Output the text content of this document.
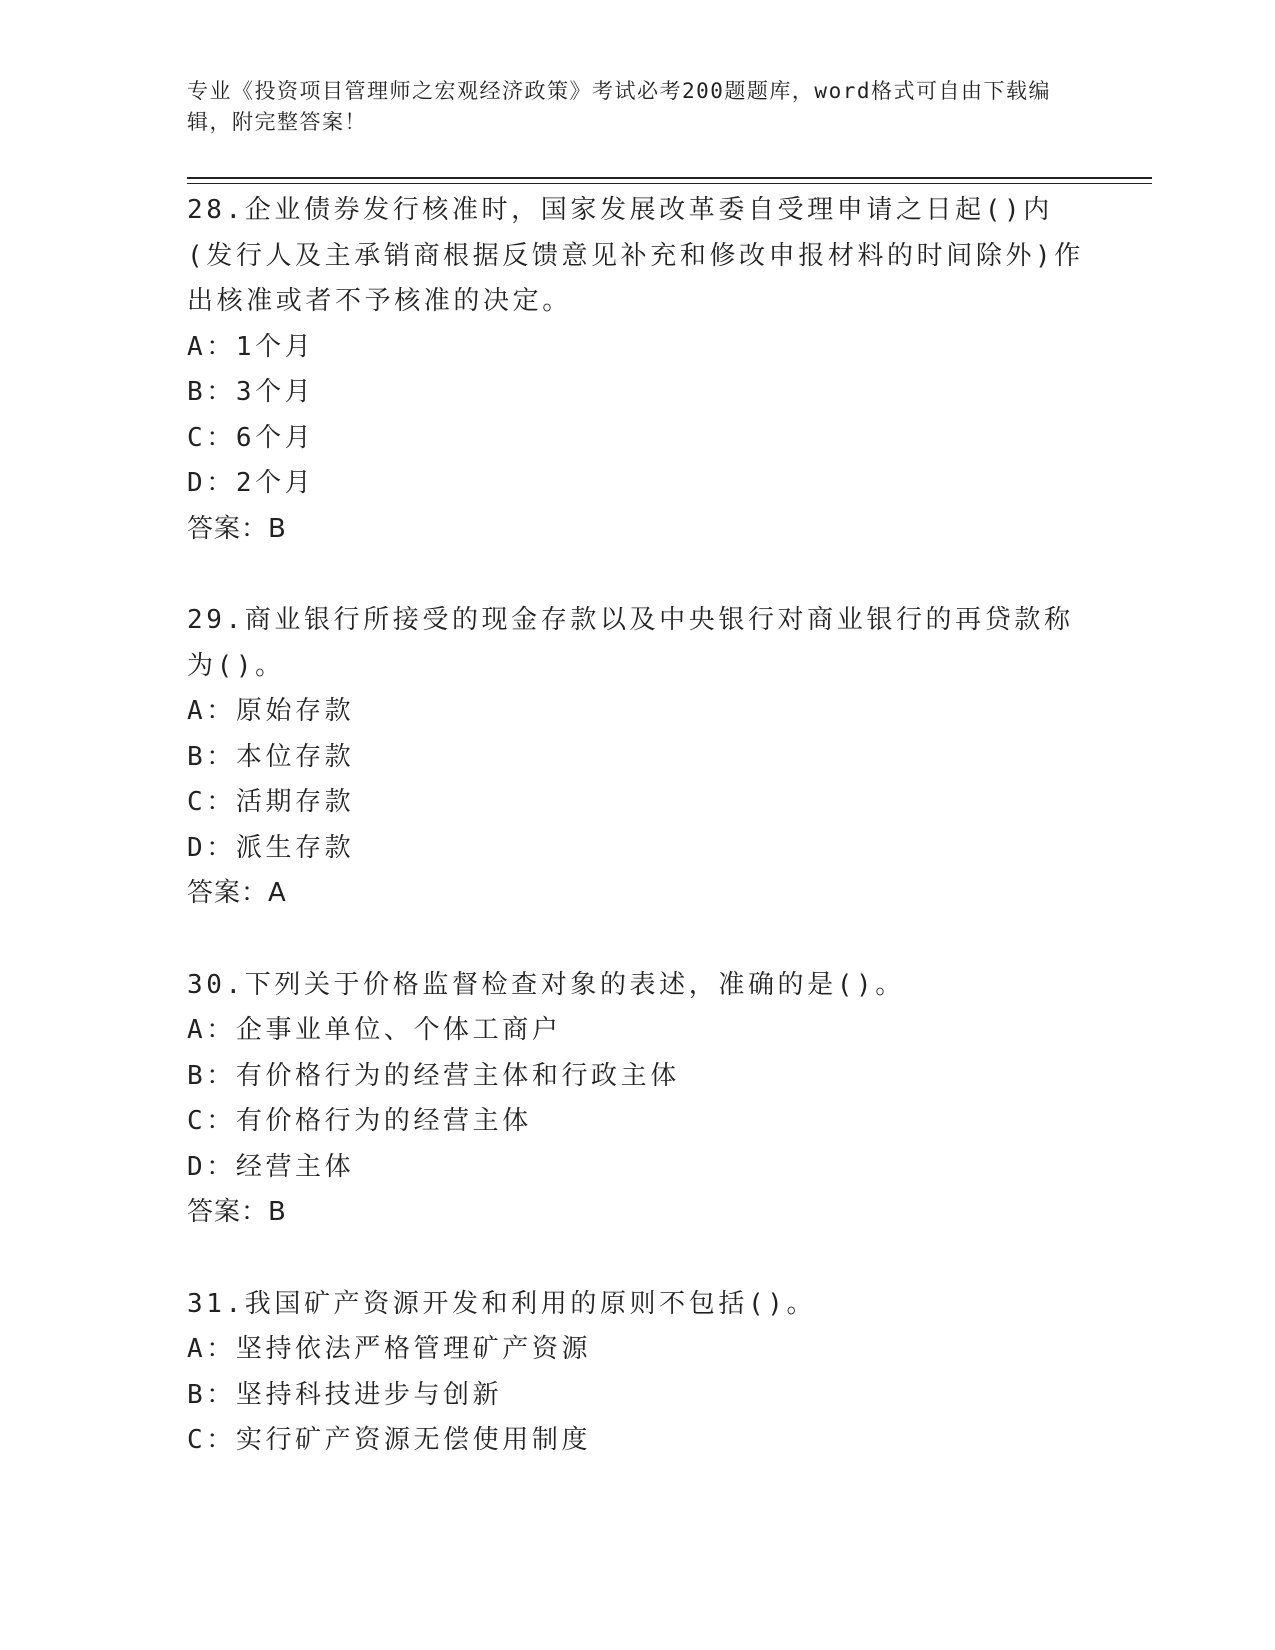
专业《投资项目管理师之宏观经济政策》考试必考200题题库，word格式可自由下载编辑，附完整答案！
28.企业债券发行核准时，国家发展改革委自受理申请之日起()内(发行人及主承销商根据反馈意见补充和修改申报材料的时间除外)作出核准或者不予核准的决定。
A：1个月
B：3个月
C：6个月
D：2个月
答案：B
29.商业银行所接受的现金存款以及中央银行对商业银行的再贷款称为()。
A：原始存款
B：本位存款
C：活期存款
D：派生存款
答案：A
30.下列关于价格监督检查对象的表述，准确的是()。
A：企事业单位、个体工商户
B：有价格行为的经营主体和行政主体
C：有价格行为的经营主体
D：经营主体
答案：B
31.我国矿产资源开发和利用的原则不包括()。
A：坚持依法严格管理矿产资源
B：坚持科技进步与创新
C：实行矿产资源无偿使用制度
